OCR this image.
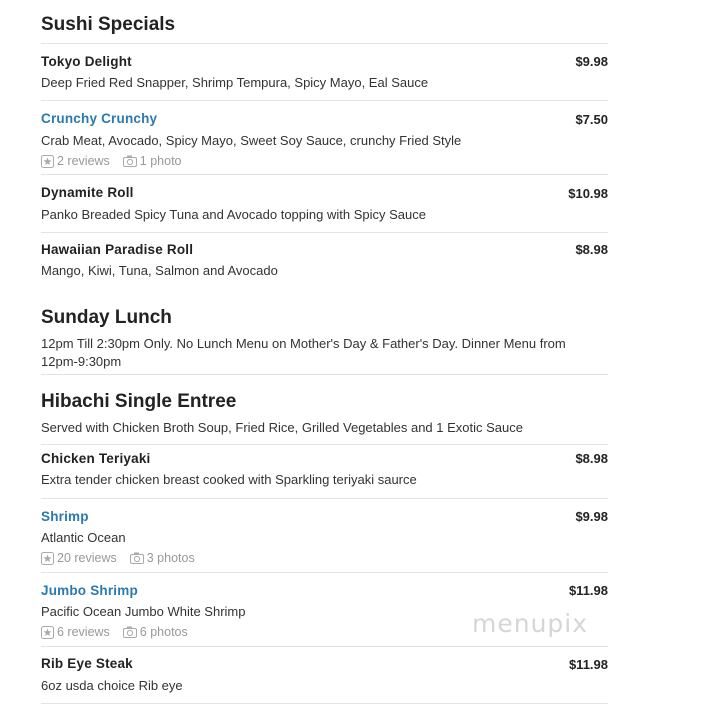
Sushi Specials
Tokyo Delight	$9.98
Deep Fried Red Snapper, Shrimp Tempura, Spicy Mayo, Eal Sauce
Crunchy Crunchy	$7.50
Crab Meat, Avocado, Spicy Mayo, Sweet Soy Sauce, crunchy Fried Style
2 reviews 1 photo
Dynamite Roll	$10.98
Panko Breaded Spicy Tuna and Avocado topping with Spicy Sauce
Hawaiian Paradise Roll	$8.98
Mango, Kiwi, Tuna, Salmon and Avocado
Sunday Lunch
12pm Till 2:30pm Only. No Lunch Menu on Mother's Day & Father's Day. Dinner Menu from 12pm-9:30pm
Hibachi Single Entree
Served with Chicken Broth Soup, Fried Rice, Grilled Vegetables and 1 Exotic Sauce
Chicken Teriyaki	$8.98
Extra tender chicken breast cooked with Sparkling teriyaki saurce
Shrimp	$9.98
Atlantic Ocean
20 reviews 3 photos
Jumbo Shrimp	$11.98
Pacific Ocean Jumbo White Shrimp
6 reviews 6 photos
Rib Eye Steak	$11.98
6oz usda choice Rib eye
menupix
